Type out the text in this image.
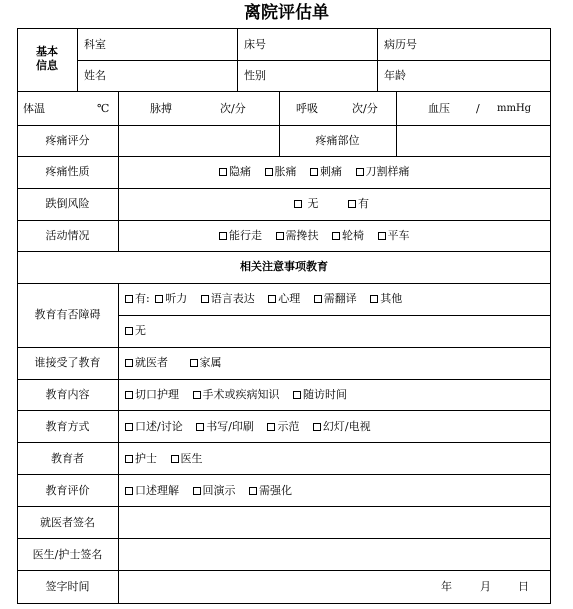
离院评估单
基本
信息
科室	床号	病历号
姓名	性别	年龄
体温	℃	脉搏	次/分	呼吸	次/分	血压 / mmHg
疼痛评分	疼痛部位
疼痛性质	隐痛 胀痛 刺痛 刀割样痛
跌倒风险	无	有
活动情况	能行走 需搀扶 轮椅 平车
相关注意事项教育
教育有否障碍
有: 听力 语言表达 心理 需翻译 其他
无
谁接受了教育	就医者	家属
教育内容	切口护理 手术或疾病知识 随访时间
教育方式	口述/讨论 书写/印刷 示范 幻灯/电视
教育者	护士 医生
教育评价	口述理解 回演示 需强化
就医者签名
医生/护士签名
签字时间	年	月 日
